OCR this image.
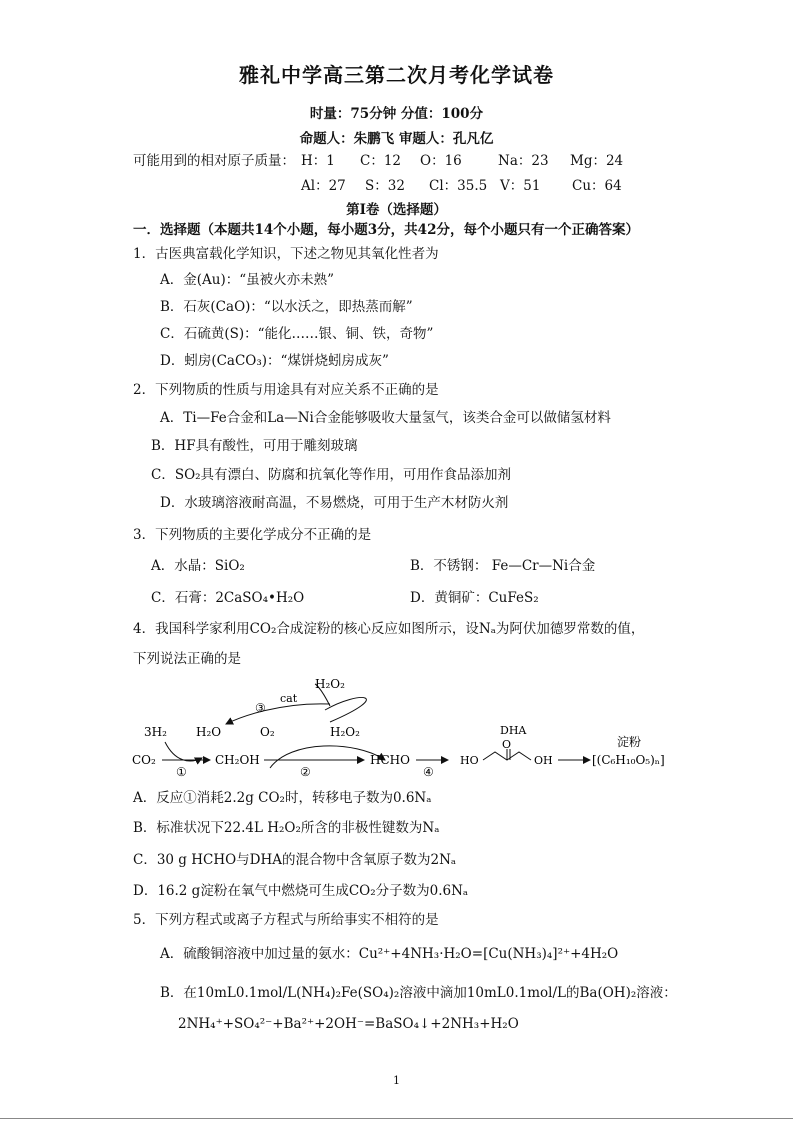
雅礼中学高三第二次月考化学试卷
时量：75分钟 分值：100分
命题人：朱鹏飞 审题人：孔凡亿
可能用到的相对原子质量： H：1 C：12 O：16	Na：23 Mg：24
Al：27 S：32 Cl：35.5 V：51 Cu：64
第Ⅰ卷（选择题）
一．选择题（本题共14个小题，每小题3分，共42分，每个小题只有一个正确答案）
1．古医典富载化学知识，下述之物见其氧化性者为
A．金(Au)：“虽被火亦未熟”
B．石灰(CaO)：“以水沃之，即热蒸而解”
C．石硫黄(S)：“能化……银、铜、铁，奇物”
D．蚓房(CaCO₃)：“煤饼烧蚓房成灰”
2．下列物质的性质与用途具有对应关系不正确的是
A．Ti—Fe合金和La—Ni合金能够吸收大量氢气，该类合金可以做储氢材料
B．HF具有酸性，可用于雕刻玻璃
C．SO₂具有漂白、防腐和抗氧化等作用，可用作食品添加剂
D．水玻璃溶液耐高温，不易燃烧，可用于生产木材防火剂
3．下列物质的主要化学成分不正确的是
A．水晶：SiO₂	B．不锈钢： Fe—Cr—Ni合金
C．石膏：2CaSO₄•H₂O	D．黄铜矿：CuFeS₂
4．我国科学家利用CO₂合成淀粉的核心反应如图所示，设Nₐ为阿伏加德罗常数的值，
下列说法正确的是
H₂O₂
cat
③
3H₂ H₂O	O₂	H₂O₂	DHA
O
CO₂	CH₂OH	HCHO	HO	OH
淀粉
[(C₆H₁₀O₅)ₙ]
①	②	④
A．反应①消耗2.2g CO₂时，转移电子数为0.6Nₐ
B．标准状况下22.4L H₂O₂所含的非极性键数为Nₐ
C．30 g HCHO与DHA的混合物中含氧原子数为2Nₐ
D．16.2 g淀粉在氧气中燃烧可生成CO₂分子数为0.6Nₐ
5．下列方程式或离子方程式与所给事实不相符的是
A．硫酸铜溶液中加过量的氨水：Cu²⁺+4NH₃·H₂O=[Cu(NH₃)₄]²⁺+4H₂O
B．在10mL0.1mol/L(NH₄)₂Fe(SO₄)₂溶液中滴加10mL0.1mol/L的Ba(OH)₂溶液：
2NH₄⁺+SO₄²⁻+Ba²⁺+2OH⁻=BaSO₄↓+2NH₃+H₂O
1
